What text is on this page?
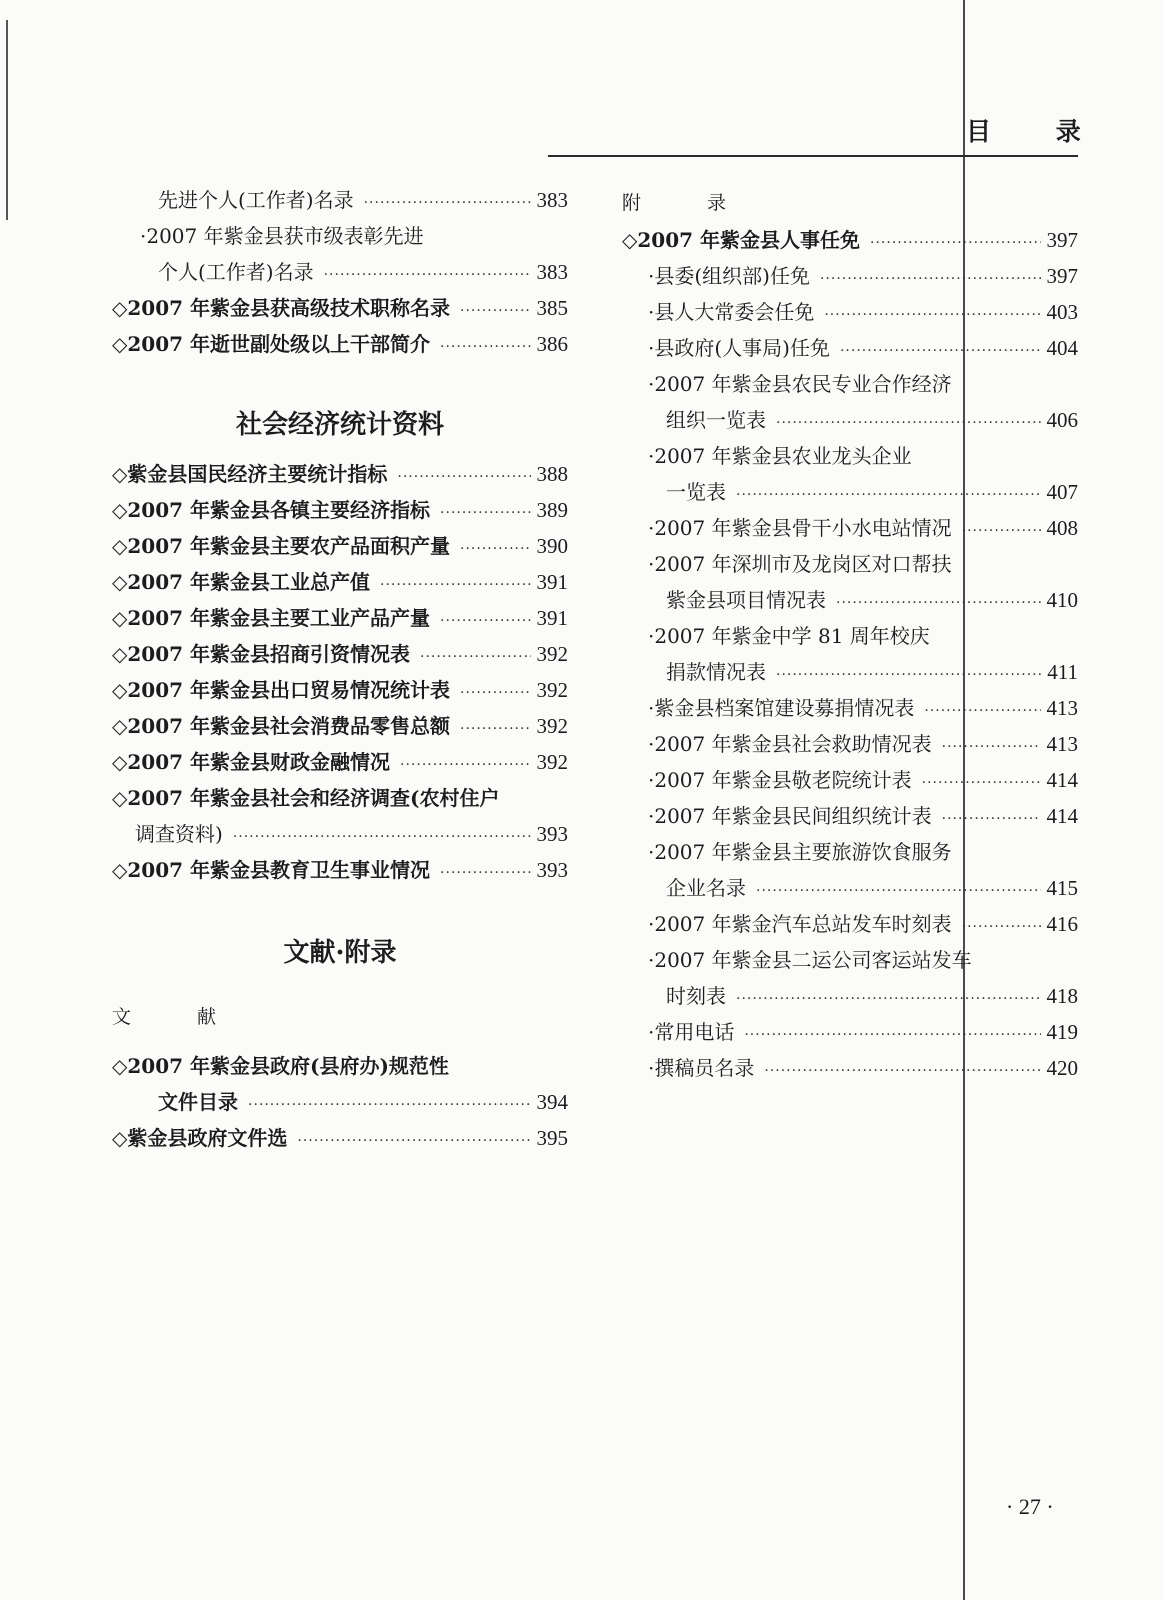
目 录
先进个人(工作者)名录 ·····	383
·2007 年紫金县获市级表彰先进
个人(工作者)名录 ·····	383
◇2007 年紫金县获高级技术职称名录 ·····	385
◇2007 年逝世副处级以上干部简介 ·····	386
社会经济统计资料
◇紫金县国民经济主要统计指标 ·····	388
◇2007 年紫金县各镇主要经济指标 ·····	389
◇2007 年紫金县主要农产品面积产量 ·····	390
◇2007 年紫金县工业总产值 ·····	391
◇2007 年紫金县主要工业产品产量 ·····	391
◇2007 年紫金县招商引资情况表 ·····	392
◇2007 年紫金县出口贸易情况统计表 ·····	392
◇2007 年紫金县社会消费品零售总额 ·····	392
◇2007 年紫金县财政金融情况 ·····	392
◇2007 年紫金县社会和经济调查(农村住户
调查资料) ·····	393
◇2007 年紫金县教育卫生事业情况 ·····	393
文献·附录
文 献
◇2007 年紫金县政府(县府办)规范性
文件目录 ·····	394
◇紫金县政府文件选 ·····	395
附 录
◇2007 年紫金县人事任免 ·····	397
·县委(组织部)任免 ·····	397
·县人大常委会任免 ·····	403
·县政府(人事局)任免 ·····	404
·2007 年紫金县农民专业合作经济
组织一览表 ·····	406
·2007 年紫金县农业龙头企业
一览表 ·····	407
·2007 年紫金县骨干小水电站情况 ·····	408
·2007 年深圳市及龙岗区对口帮扶
紫金县项目情况表 ·····	410
·2007 年紫金中学 81 周年校庆
捐款情况表 ·····	411
·紫金县档案馆建设募捐情况表 ·····	413
·2007 年紫金县社会救助情况表 ·····	413
·2007 年紫金县敬老院统计表 ·····	414
·2007 年紫金县民间组织统计表 ·····	414
·2007 年紫金县主要旅游饮食服务
企业名录 ·····	415
·2007 年紫金汽车总站发车时刻表 ·····	416
·2007 年紫金县二运公司客运站发车
时刻表 ·····	418
·常用电话 ·····	419
·撰稿员名录 ·····	420
· 27 ·
